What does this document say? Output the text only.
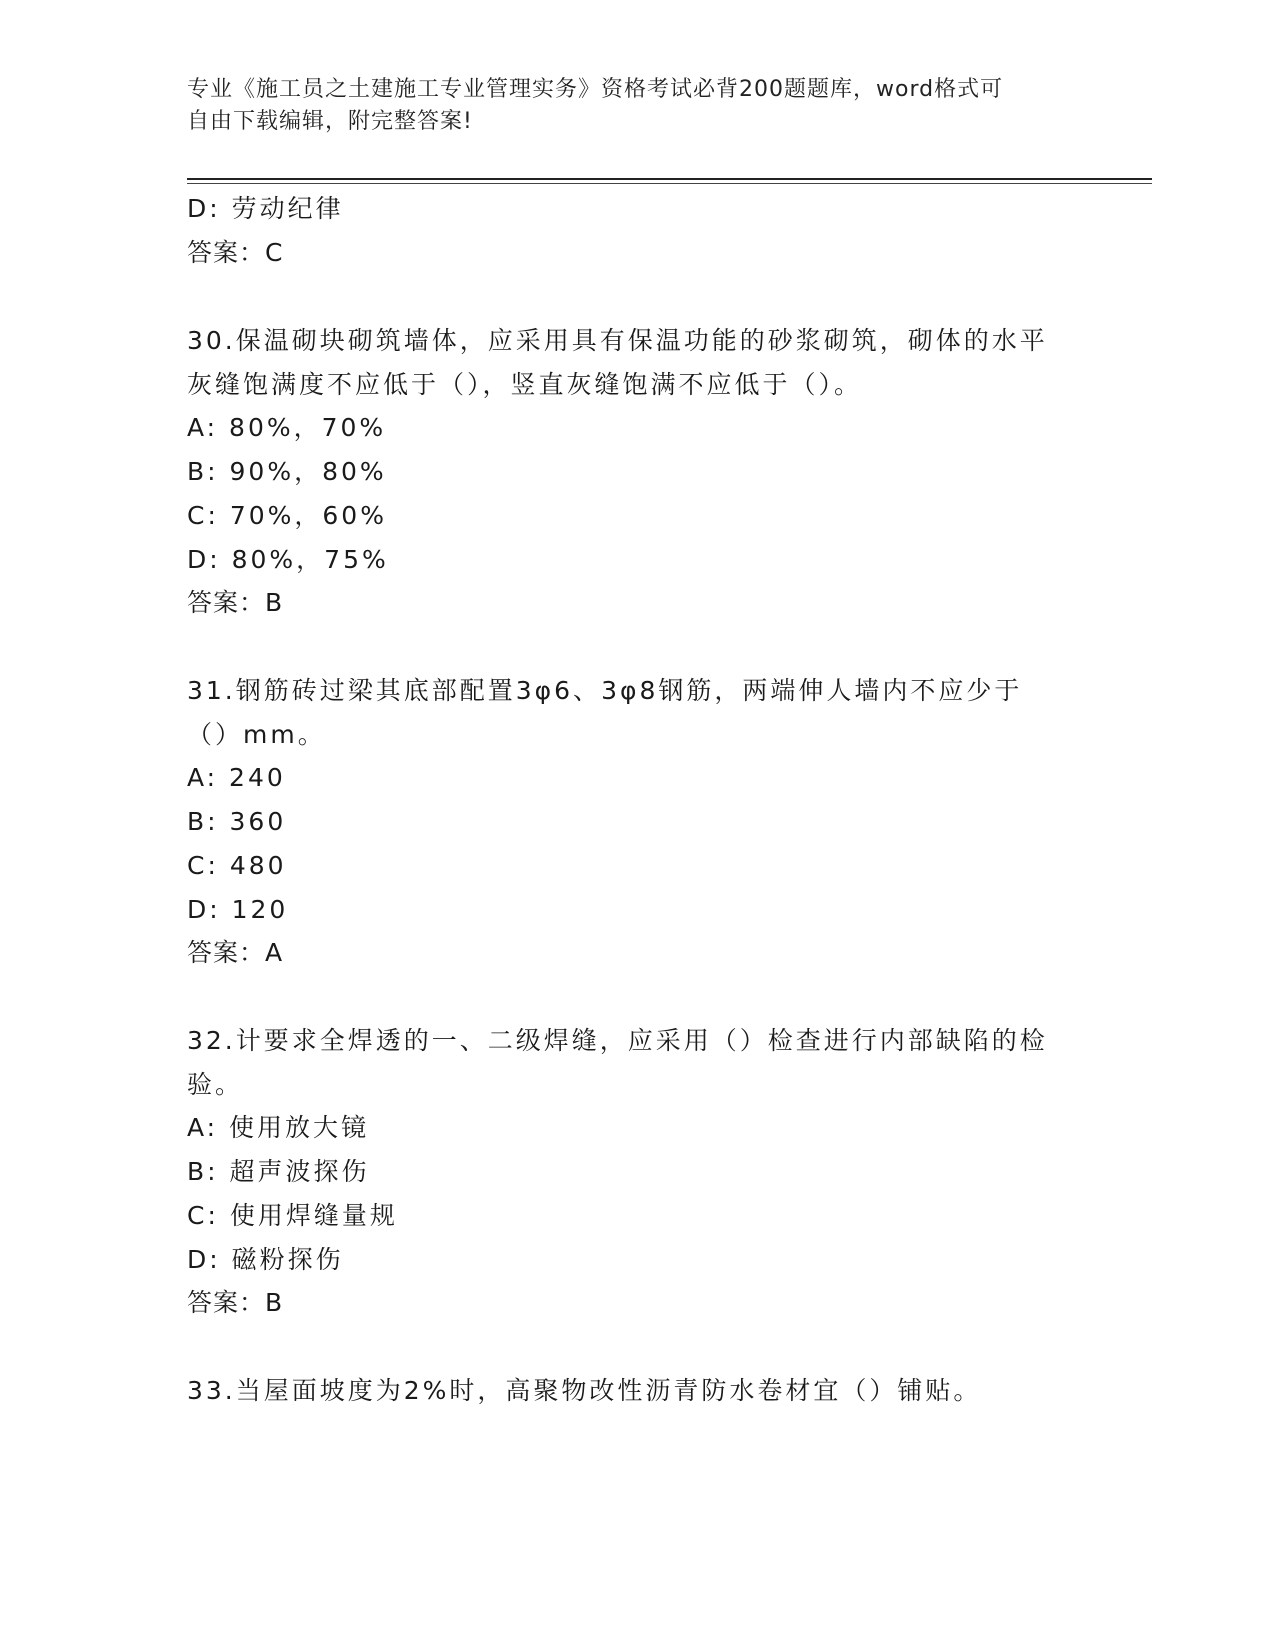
专业《施工员之土建施工专业管理实务》资格考试必背200题题库，word格式可
自由下载编辑，附完整答案!
D: 劳动纪律
答案：C
30.保温砌块砌筑墙体，应采用具有保温功能的砂浆砌筑，砌体的水平
灰缝饱满度不应低于（），竖直灰缝饱满不应低于（）。
A: 80%，70%
B: 90%，80%
C: 70%，60%
D: 80%，75%
答案：B
31.钢筋砖过梁其底部配置3φ6、3φ8钢筋，两端伸人墙内不应少于
（）mm。
A: 240
B: 360
C: 480
D: 120
答案：A
32.计要求全焊透的一、二级焊缝，应采用（）检查进行内部缺陷的检
验。
A: 使用放大镜
B: 超声波探伤
C: 使用焊缝量规
D: 磁粉探伤
答案：B
33.当屋面坡度为2%时，高聚物改性沥青防水卷材宜（）铺贴。
